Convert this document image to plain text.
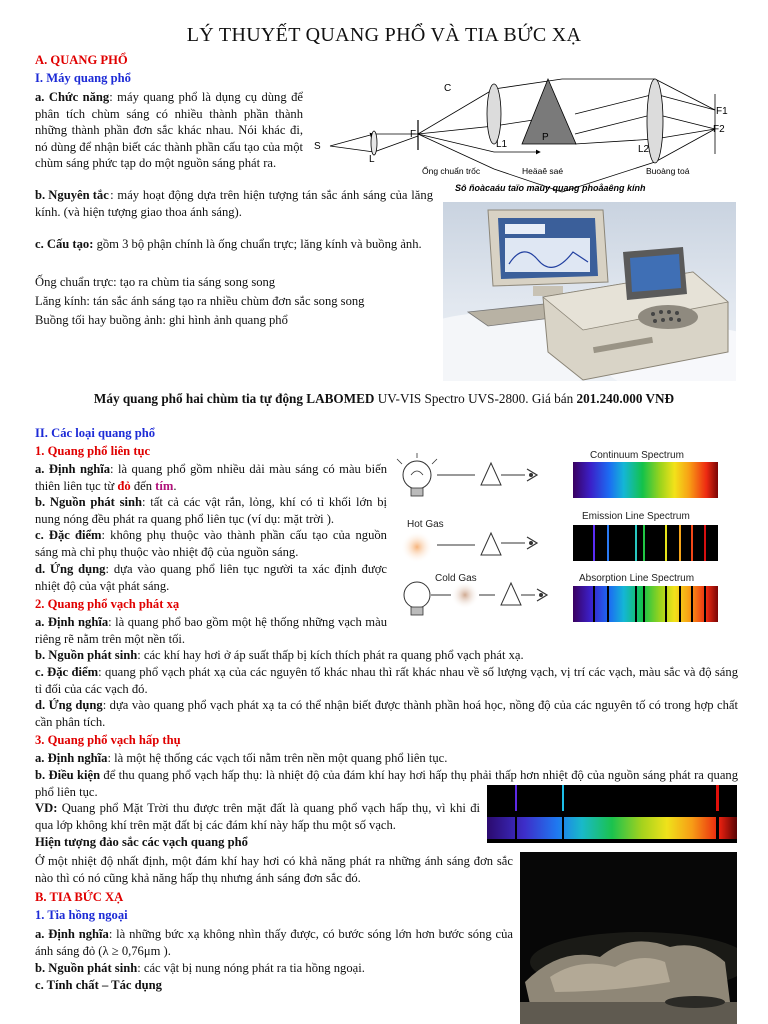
LÝ THUYẾT QUANG PHỔ VÀ TIA BỨC XẠ
A. QUANG PHỔ
I. Máy quang phổ
a. Chức năng: máy quang phổ là dụng cụ dùng để phân tích chùm sáng có nhiều thành phần thành những thành phần đơn sắc khác nhau. Nói khác đi, nó dùng để nhận biết các thành phần cấu tạo của một chùm sáng phức tạp do một nguồn sáng phát ra.
b. Nguyên tắc : máy hoạt động dựa trên hiện tượng tán sắc ánh sáng của lăng kính. (và hiện tượng giao thoa ánh sáng).
c. Cấu tạo: gồm 3 bộ phận chính là ống chuẩn trực; lăng kính và buồng ảnh.
Ống chuẩn trực: tạo ra chùm tia sáng song song
Lăng kính: tán sắc ánh sáng tạo ra nhiều chùm đơn sắc song song
Buồng tối hay buồng ảnh: ghi hình ảnh quang phổ
S
L
F
C
L1
P
L2
F1
F2
Ống chuẩn trốc	Heäaê saé	Buoàng toá
Sô ñoàcaáu taïo maùy quang phoåaêng kính
Máy quang phổ hai chùm tia tự động LABOMED UV-VIS Spectro UVS-2800. Giá bán 201.240.000 VNĐ
II. Các loại quang phổ
1. Quang phổ liên tục
a. Định nghĩa: là quang phổ gồm nhiều dải màu sáng có màu biến thiên liên tục từ đỏ đến tím.
b. Nguồn phát sinh: tất cả các vật rắn, lỏng, khí có tỉ khối lớn bị nung nóng đều phát ra quang phổ liên tục (ví dụ: mặt trời ).
c. Đặc điểm: không phụ thuộc vào thành phần cấu tạo của nguồn sáng mà chỉ phụ thuộc vào nhiệt độ của nguồn sáng.
d. Ứng dụng: dựa vào quang phổ liên tục người ta xác định được nhiệt độ của vật phát sáng.
Hot Gas
Cold Gas
Continuum Spectrum
Emission Line Spectrum
Absorption Line Spectrum
2. Quang phổ vạch phát xạ
a. Định nghĩa: là quang phổ bao gồm một hệ thống những vạch màu riêng rẽ nằm trên một nền tối.
b. Nguồn phát sinh: các khí hay hơi ở áp suất thấp bị kích thích phát ra quang phổ vạch phát xạ.
c. Đặc điểm: quang phổ vạch phát xạ của các nguyên tố khác nhau thì rất khác nhau về số lượng vạch, vị trí các vạch, màu sắc và độ sáng tỉ đối của các vạch đó.
d. Ứng dụng: dựa vào quang phổ vạch phát xạ ta có thể nhận biết được thành phần hoá học, nồng độ của các nguyên tố có trong hợp chất cần phân tích.
3. Quang phổ vạch hấp thụ
a. Định nghĩa: là một hệ thống các vạch tối nằm trên nền một quang phổ liên tục.
b. Điều kiện để thu quang phổ vạch hấp thụ: là nhiệt độ của đám khí hay hơi hấp thụ phải thấp hơn nhiệt độ của nguồn sáng phát ra quang phổ liên tục.
VD: Quang phổ Mặt Trời thu được trên mặt đất là quang phổ vạch hấp thụ, vì khi đi qua lớp không khí trên mặt đất bị các đám khí này hấp thu một số vạch.
Hiện tượng đảo sắc các vạch quang phổ
Ở một nhiệt độ nhất định, một đám khí hay hơi có khả năng phát ra những ánh sáng đơn sắc nào thì có nó cũng khả năng hấp thụ nhưng ánh sáng đơn sắc đó.
B. TIA BỨC XẠ
1. Tia hồng ngoại
a. Định nghĩa: là những bức xạ không nhìn thấy được, có bước sóng lớn hơn bước sóng của ánh sáng đỏ (λ ≥ 0,76μm ).
b. Nguồn phát sinh: các vật bị nung nóng phát ra tia hồng ngoại.
c. Tính chất – Tác dụng
